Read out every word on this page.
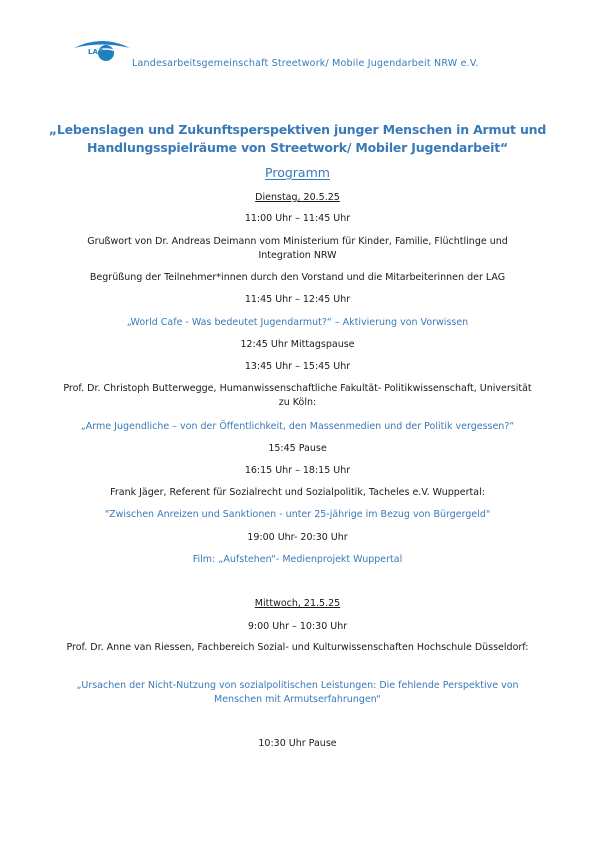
LAG
Landesarbeitsgemeinschaft Streetwork/ Mobile Jugendarbeit NRW e.V.
„Lebenslagen und Zukunftsperspektiven junger Menschen in Armut und
Handlungsspielräume von Streetwork/ Mobiler Jugendarbeit“
Programm
Dienstag, 20.5.25
11:00 Uhr – 11:45 Uhr
Grußwort von Dr. Andreas Deimann vom Ministerium für Kinder, Familie, Flüchtlinge und Integration NRW
Begrüßung der Teilnehmer*innen durch den Vorstand und die Mitarbeiterinnen der LAG
11:45 Uhr – 12:45 Uhr
„World Cafe - Was bedeutet Jugendarmut?“ – Aktivierung von Vorwissen
12:45 Uhr Mittagspause
13:45 Uhr – 15:45 Uhr
Prof. Dr. Christoph Butterwegge, Humanwissenschaftliche Fakultät- Politikwissenschaft, Universität zu Köln:
„Arme Jugendliche – von der Öffentlichkeit, den Massenmedien und der Politik vergessen?“
15:45 Pause
16:15 Uhr – 18:15 Uhr
Frank Jäger, Referent für Sozialrecht und Sozialpolitik, Tacheles e.V. Wuppertal:
"Zwischen Anreizen und Sanktionen - unter 25-jährige im Bezug von Bürgergeld"
19:00 Uhr- 20:30 Uhr
Film: „Aufstehen“- Medienprojekt Wuppertal
Mittwoch, 21.5.25
9:00 Uhr – 10:30 Uhr
Prof. Dr. Anne van Riessen, Fachbereich Sozial- und Kulturwissenschaften Hochschule Düsseldorf:
„Ursachen der Nicht-Nutzung von sozialpolitischen Leistungen: Die fehlende Perspektive von Menschen mit Armutserfahrungen“
10:30 Uhr Pause
